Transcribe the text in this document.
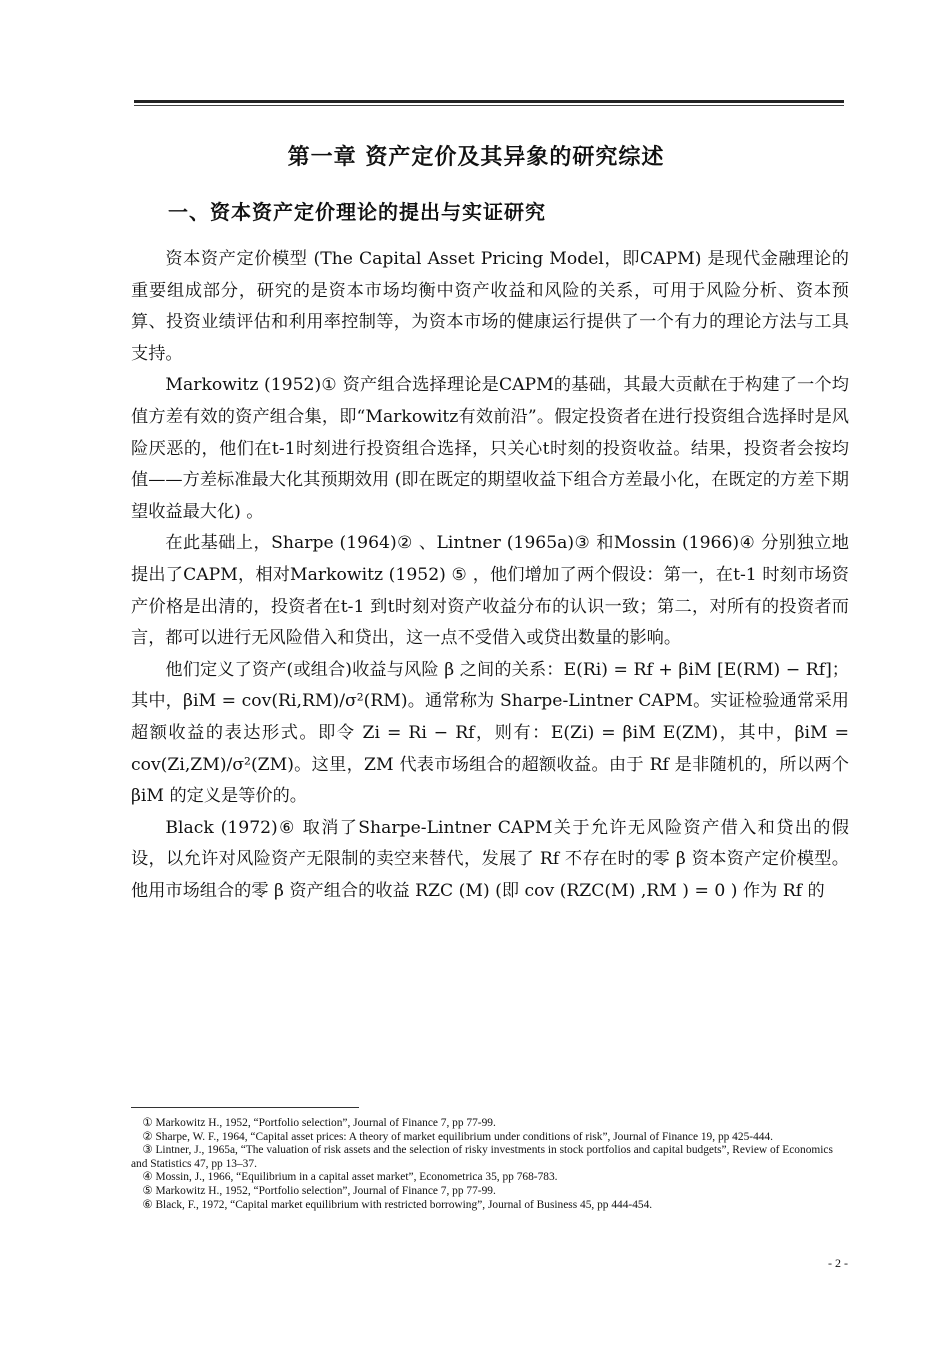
第一章 资产定价及其异象的研究综述
一、资本资产定价理论的提出与实证研究

资本资产定价模型 (The Capital Asset Pricing Model，即CAPM) 是现代金融理论的重要组成部分，研究的是资本市场均衡中资产收益和风险的关系，可用于风险分析、资本预算、投资业绩评估和利用率控制等，为资本市场的健康运行提供了一个有力的理论方法与工具支持。

Markowitz (1952)① 资产组合选择理论是CAPM的基础，其最大贡献在于构建了一个均值方差有效的资产组合集，即“Markowitz有效前沿”。假定投资者在进行投资组合选择时是风险厌恶的，他们在t-1时刻进行投资组合选择，只关心t时刻的投资收益。结果，投资者会按均值——方差标准最大化其预期效用 (即在既定的期望收益下组合方差最小化，在既定的方差下期望收益最大化) 。

在此基础上，Sharpe (1964)② 、Lintner (1965a)③ 和Mossin (1966)④ 分别独立地提出了CAPM，相对Markowitz (1952) ⑤ ，他们增加了两个假设：第一，在t-1 时刻市场资产价格是出清的，投资者在t-1 到t时刻对资产收益分布的认识一致；第二，对所有的投资者而言，都可以进行无风险借入和贷出，这一点不受借入或贷出数量的影响。

他们定义了资产(或组合)收益与风险 β 之间的关系：E(Ri) = Rf + βiM [E(RM) − Rf]；其中，βiM = cov(Ri,RM)/σ²(RM)。通常称为 Sharpe-Lintner CAPM。实证检验通常采用超额收益的表达形式。即令 Zi = Ri − Rf，则有：E(Zi) = βiM E(ZM)，其中，βiM = cov(Zi,ZM)/σ²(ZM)。这里，ZM 代表市场组合的超额收益。由于 Rf 是非随机的，所以两个 βiM 的定义是等价的。

Black (1972)⑥ 取消了Sharpe-Lintner CAPM关于允许无风险资产借入和贷出的假设，以允许对风险资产无限制的卖空来替代，发展了 Rf 不存在时的零 β 资本资产定价模型。他用市场组合的零 β 资产组合的收益 RZC (M) (即 cov (RZC(M) ,RM ) = 0 ) 作为 Rf 的

① Markowitz H., 1952, “Portfolio selection”, Journal of Finance 7, pp 77-99.
② Sharpe, W. F., 1964, “Capital asset prices: A theory of market equilibrium under conditions of risk”, Journal of Finance 19, pp 425-444.
③ Lintner, J., 1965a, “The valuation of risk assets and the selection of risky investments in stock portfolios and capital budgets”, Review of Economics and Statistics 47, pp 13–37.
④ Mossin, J., 1966, “Equilibrium in a capital asset market”, Econometrica 35, pp 768-783.
⑤ Markowitz H., 1952, “Portfolio selection”, Journal of Finance 7, pp 77-99.
⑥ Black, F., 1972, “Capital market equilibrium with restricted borrowing”, Journal of Business 45, pp 444-454.
- 2 -
